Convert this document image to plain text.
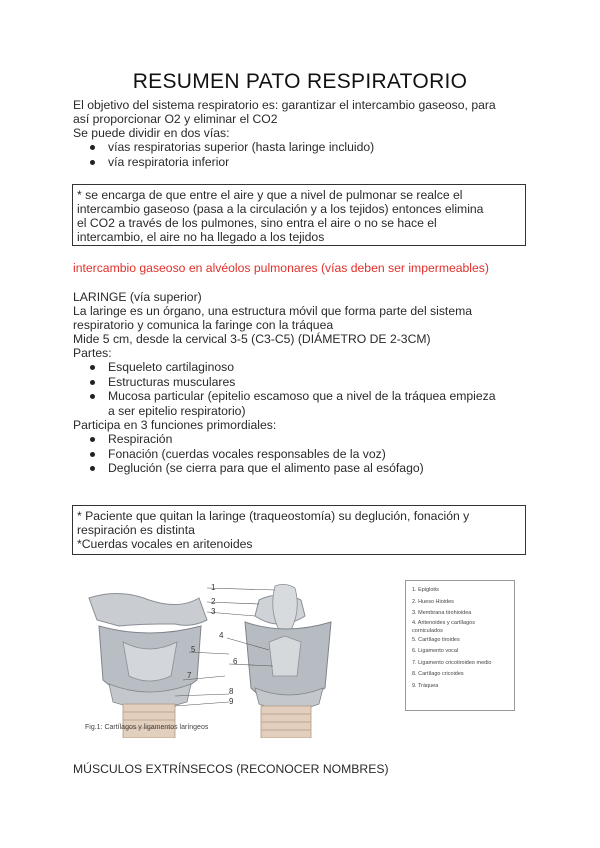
RESUMEN PATO RESPIRATORIO
El objetivo del sistema respiratorio es: garantizar el intercambio gaseoso, para
así proporcionar O2 y eliminar el CO2
Se puede dividir en dos vías:
vías respiratorias superior (hasta laringe incluido)
vía respiratoria inferior
* se encarga de que entre el aire y que a nivel de pulmonar se realce el
intercambio gaseoso (pasa a la circulación y a los tejidos) entonces elimina
el CO2 a través de los pulmones, sino entra el aire o no se hace el
intercambio, el aire no ha llegado a los tejidos
intercambio gaseoso en alvéolos pulmonares (vías deben ser impermeables)
LARINGE (vía superior)
La laringe es un órgano, una estructura móvil que forma parte del sistema
respiratorio y comunica la faringe con la tráquea
Mide 5 cm, desde la cervical 3-5 (C3-C5) (DIÁMETRO DE 2-3CM)
Partes:
Esqueleto cartilaginoso
Estructuras musculares
Mucosa particular (epitelio escamoso que a nivel de la tráquea empieza
a ser epitelio respiratorio)
Participa en 3 funciones primordiales:
Respiración
Fonación (cuerdas vocales responsables de la voz)
Deglución (se cierra para que el alimento pase al esófago)
* Paciente que quitan la laringe (traqueostomía) su deglución, fonación y
respiración es distinta
*Cuerdas vocales en aritenoides
1
2
3
4
5
6
7
8
9
1. Epiglotis
2. Hueso Hioides
3. Membrana tirohioidea
4. Aritenoides y cartílagos
corniculados
5. Cartílago tiroides
6. Ligamento vocal
7. Ligamento cricotiroideo medio
8. Cartílago cricoides
9. Tráquea
Fig.1: Cartílagos y ligamentos laríngeos
MÚSCULOS EXTRÍNSECOS (RECONOCER NOMBRES)
